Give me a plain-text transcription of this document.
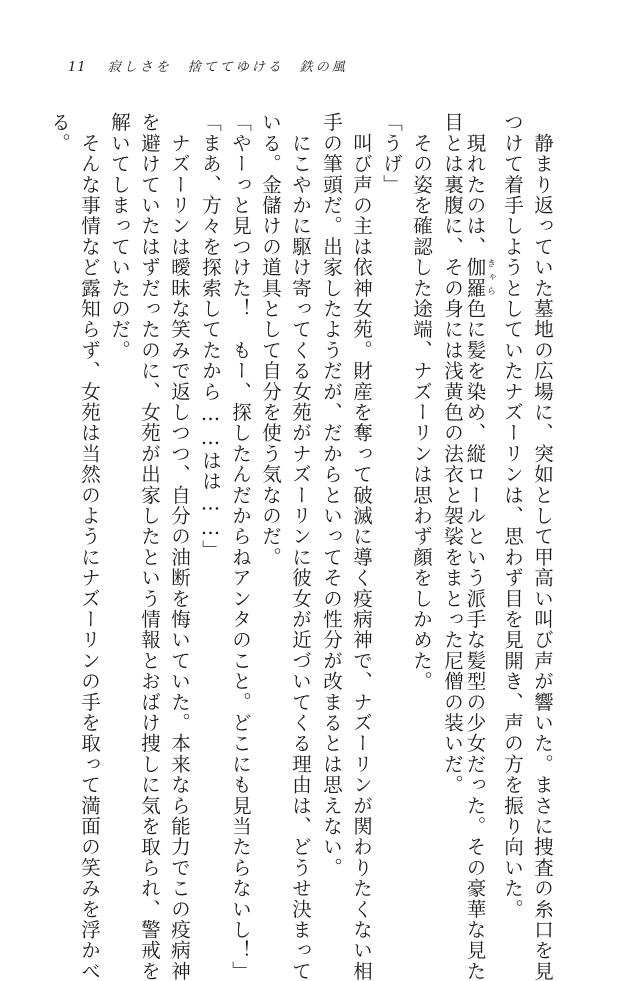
11 寂しさを　捨ててゆける　鉄の風
　静まり返っていた墓地の広場に、突如として甲高い叫び声が響いた。まさに捜査の糸口を見
つけて着手しようとしていたナズーリンは、思わず目を見開き、声の方を振り向いた。
　現れたのは、伽羅きゃら色に髪を染め、縦ロールという派手な髪型の少女だった。その豪華な見た
目とは裏腹に、その身には浅黄色の法衣と袈裟をまとった尼僧の装いだ。
　その姿を確認した途端、ナズーリンは思わず顔をしかめた。
「うげ」
　叫び声の主は依神女苑。財産を奪って破滅に導く疫病神で、ナズーリンが関わりたくない相
手の筆頭だ。出家したようだが、だからといってその性分が改まるとは思えない。
　にこやかに駆け寄ってくる女苑がナズーリンに彼女が近づいてくる理由は、どうせ決まって
いる。金儲けの道具として自分を使う気なのだ。
「やーっと見つけた！　もー、探したんだからねアンタのこと。どこにも見当たらないし！」
「まあ、方々を探索してたから……はは……」
　ナズーリンは曖昧な笑みで返しつつ、自分の油断を悔いていた。本来なら能力でこの疫病神
を避けていたはずだったのに、女苑が出家したという情報とおばけ捜しに気を取られ、警戒を
解いてしまっていたのだ。
　そんな事情など露知らず、女苑は当然のようにナズーリンの手を取って満面の笑みを浮かべ
る。
